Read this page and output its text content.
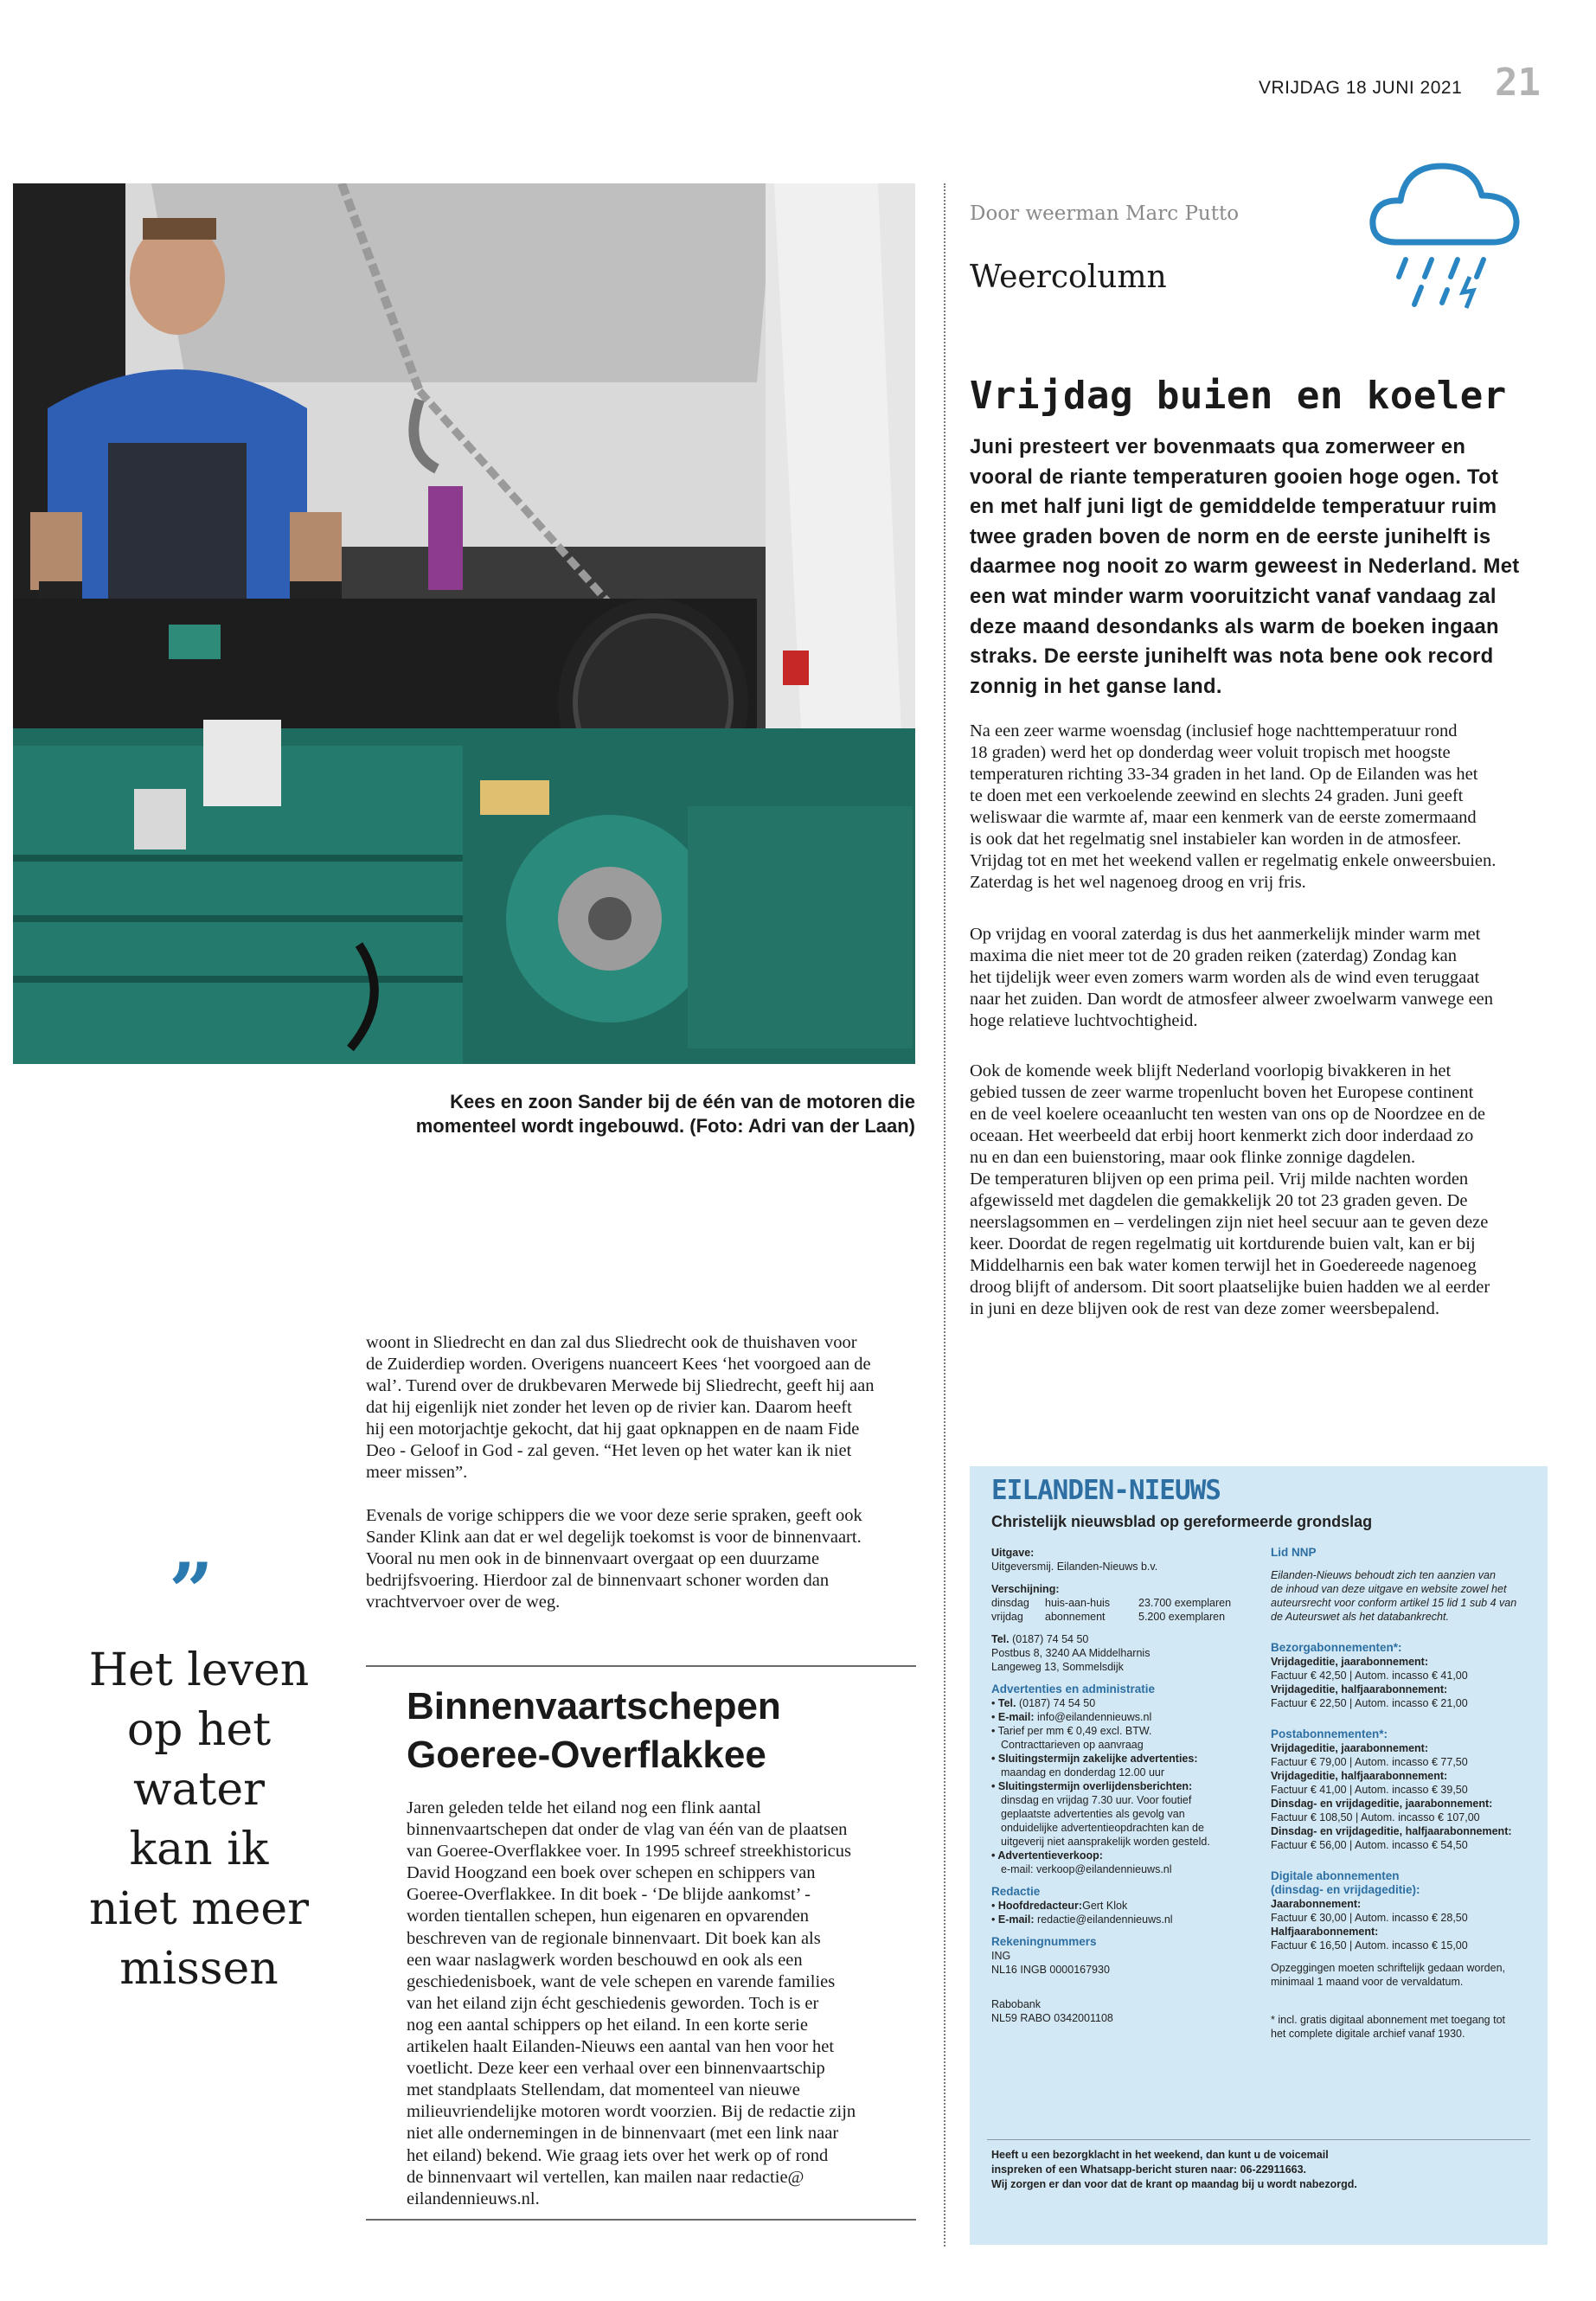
VRIJDAG 18 JUNI 2021 21
Kees en zoon Sander bij de één van de motoren die
momenteel wordt ingebouwd. (Foto: Adri van der Laan)
Door weerman Marc Putto
Weercolumn
Vrijdag buien en koeler
Juni presteert ver bovenmaats qua zomerweer en
vooral de riante temperaturen gooien hoge ogen. Tot
en met half juni ligt de gemiddelde temperatuur ruim
twee graden boven de norm en de eerste junihelft is
daarmee nog nooit zo warm geweest in Nederland. Met
een wat minder warm vooruitzicht vanaf vandaag zal
deze maand desondanks als warm de boeken ingaan
straks. De eerste junihelft was nota bene ook record
zonnig in het ganse land.
Na een zeer warme woensdag (inclusief hoge nachttemperatuur rond
18 graden) werd het op donderdag weer voluit tropisch met hoogste
temperaturen richting 33-34 graden in het land. Op de Eilanden was het
te doen met een verkoelende zeewind en slechts 24 graden. Juni geeft
weliswaar die warmte af, maar een kenmerk van de eerste zomermaand
is ook dat het regelmatig snel instabieler kan worden in de atmosfeer.
Vrijdag tot en met het weekend vallen er regelmatig enkele onweersbuien.
Zaterdag is het wel nagenoeg droog en vrij fris.
Op vrijdag en vooral zaterdag is dus het aanmerkelijk minder warm met
maxima die niet meer tot de 20 graden reiken (zaterdag) Zondag kan
het tijdelijk weer even zomers warm worden als de wind even teruggaat
naar het zuiden. Dan wordt de atmosfeer alweer zwoelwarm vanwege een
hoge relatieve luchtvochtigheid.
Ook de komende week blijft Nederland voorlopig bivakkeren in het
gebied tussen de zeer warme tropenlucht boven het Europese continent
en de veel koelere oceaanlucht ten westen van ons op de Noordzee en de
oceaan. Het weerbeeld dat erbij hoort kenmerkt zich door inderdaad zo
nu en dan een buienstoring, maar ook flinke zonnige dagdelen.
De temperaturen blijven op een prima peil. Vrij milde nachten worden
afgewisseld met dagdelen die gemakkelijk 20 tot 23 graden geven. De
neerslagsommen en – verdelingen zijn niet heel secuur aan te geven deze
keer. Doordat de regen regelmatig uit kortdurende buien valt, kan er bij
Middelharnis een bak water komen terwijl het in Goedereede nagenoeg
droog blijft of andersom. Dit soort plaatselijke buien hadden we al eerder
in juni en deze blijven ook de rest van deze zomer weersbepalend.
woont in Sliedrecht en dan zal dus Sliedrecht ook de thuishaven voor
de Zuiderdiep worden. Overigens nuanceert Kees ‘het voorgoed aan de
wal’. Turend over de drukbevaren Merwede bij Sliedrecht, geeft hij aan
dat hij eigenlijk niet zonder het leven op de rivier kan. Daarom heeft
hij een motorjachtje gekocht, dat hij gaat opknappen en de naam Fide
Deo - Geloof in God - zal geven. “Het leven op het water kan ik niet
meer missen”.
Evenals de vorige schippers die we voor deze serie spraken, geeft ook
Sander Klink aan dat er wel degelijk toekomst is voor de binnenvaart.
Vooral nu men ook in de binnenvaart overgaat op een duurzame
bedrijfsvoering. Hierdoor zal de binnenvaart schoner worden dan
vrachtvervoer over de weg.
”
Het leven
op het
water
kan ik
niet meer
missen
Binnenvaartschepen
Goeree-Overflakkee
Jaren geleden telde het eiland nog een flink aantal
binnenvaartschepen dat onder de vlag van één van de plaatsen
van Goeree-Overflakkee voer. In 1995 schreef streekhistoricus
David Hoogzand een boek over schepen en schippers van
Goeree-Overflakkee. In dit boek - ‘De blijde aankomst’ -
worden tientallen schepen, hun eigenaren en opvarenden
beschreven van de regionale binnenvaart. Dit boek kan als
een waar naslagwerk worden beschouwd en ook als een
geschiedenisboek, want de vele schepen en varende families
van het eiland zijn écht geschiedenis geworden. Toch is er
nog een aantal schippers op het eiland. In een korte serie
artikelen haalt Eilanden-Nieuws een aantal van hen voor het
voetlicht. Deze keer een verhaal over een binnenvaartschip
met standplaats Stellendam, dat momenteel van nieuwe
milieuvriendelijke motoren wordt voorzien. Bij de redactie zijn
niet alle ondernemingen in de binnenvaart (met een link naar
het eiland) bekend. Wie graag iets over het werk op of rond
de binnenvaart wil vertellen, kan mailen naar redactie@
eilandennieuws.nl.
EILANDEN-NIEUWS
Christelijk nieuwsblad op gereformeerde grondslag
Uitgave:
Uitgeversmij. Eilanden-Nieuws b.v.
Verschijning:
dinsdag huis-aan-huis	23.700 exemplaren
vrijdag abonnement	5.200 exemplaren
Tel. (0187) 74 54 50
Postbus 8, 3240 AA Middelharnis
Langeweg 13, Sommelsdijk
Advertenties en administratie
• Tel. (0187) 74 54 50
• E-mail: info@eilandennieuws.nl
• Tarief per mm € 0,49 excl. BTW.
Contracttarieven op aanvraag
• Sluitingstermijn zakelijke advertenties:
maandag en donderdag 12.00 uur
• Sluitingstermijn overlijdensberichten:
dinsdag en vrijdag 7.30 uur. Voor foutief
geplaatste advertenties als gevolg van
onduidelijke advertentieopdrachten kan de
uitgeverij niet aansprakelijk worden gesteld.
• Advertentieverkoop:
e-mail: verkoop@eilandennieuws.nl
Redactie
• Hoofdredacteur:Gert Klok
• E-mail: redactie@eilandennieuws.nl
Rekeningnummers
ING
NL16 INGB 0000167930
Rabobank
NL59 RABO 0342001108
Lid NNP
Eilanden-Nieuws behoudt zich ten aanzien van
de inhoud van deze uitgave en website zowel het
auteursrecht voor conform artikel 15 lid 1 sub 4 van
de Auteurswet als het databankrecht.
Bezorgabonnementen*:
Vrijdageditie, jaarabonnement:
Factuur € 42,50 | Autom. incasso € 41,00
Vrijdageditie, halfjaarabonnement:
Factuur € 22,50 | Autom. incasso € 21,00
Postabonnementen*:
Vrijdageditie, jaarabonnement:
Factuur € 79,00 | Autom. incasso € 77,50
Vrijdageditie, halfjaarabonnement:
Factuur € 41,00 | Autom. incasso € 39,50
Dinsdag- en vrijdageditie, jaarabonnement:
Factuur € 108,50 | Autom. incasso € 107,00
Dinsdag- en vrijdageditie, halfjaarabonnement:
Factuur € 56,00 | Autom. incasso € 54,50
Digitale abonnementen
(dinsdag- en vrijdageditie):
Jaarabonnement:
Factuur € 30,00 | Autom. incasso € 28,50
Halfjaarabonnement:
Factuur € 16,50 | Autom. incasso € 15,00
Opzeggingen moeten schriftelijk gedaan worden,
minimaal 1 maand voor de vervaldatum.
* incl. gratis digitaal abonnement met toegang tot
het complete digitale archief vanaf 1930.
Heeft u een bezorgklacht in het weekend, dan kunt u de voicemail
inspreken of een Whatsapp-bericht sturen naar: 06-22911663.
Wij zorgen er dan voor dat de krant op maandag bij u wordt nabezorgd.
